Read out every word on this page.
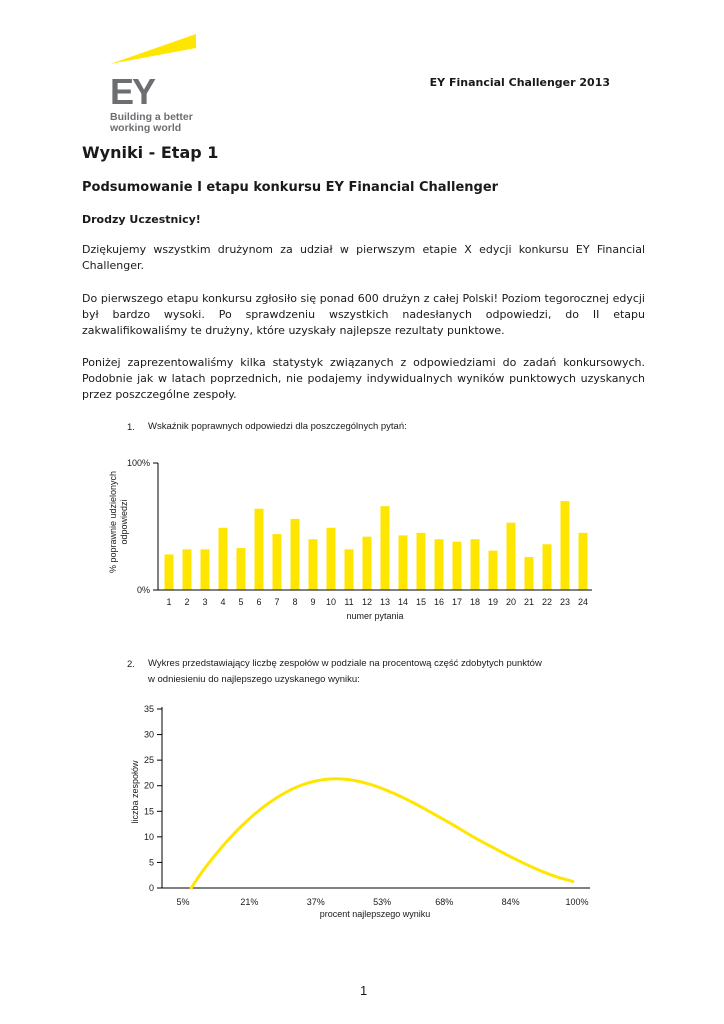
EY
Building a better working world
EY Financial Challenger 2013
Wyniki - Etap 1
Podsumowanie I etapu konkursu EY Financial Challenger
Drodzy Uczestnicy!

Dziękujemy wszystkim drużynom za udział w pierwszym etapie X edycji konkursu EY Financial Challenger.

Do pierwszego etapu konkursu zgłosiło się ponad 600 drużyn z całej Polski! Poziom tegorocznej edycji był bardzo wysoki. Po sprawdzeniu wszystkich nadesłanych odpowiedzi, do II etapu zakwalifikowaliśmy te drużyny, które uzyskały najlepsze rezultaty punktowe.

Poniżej zaprezentowaliśmy kilka statystyk związanych z odpowiedziami do zadań konkursowych. Podobnie jak w latach poprzednich, nie podajemy indywidualnych wyników punktowych uzyskanych przez poszczególne zespoły.

1. Wskaźnik poprawnych odpowiedzi dla poszczególnych pytań:
100%
0%
1 2 3 4 5 6 7 8 9 10 11 12 13 14 15 16 17 18 19 20 21 22 23 24
numer pytania
% poprawnie udzielonych odpowiedzi
0
5
10
15
20
25
30
35
5%	21%	37%	53%	68%	84%	100%
procent najlepszego wyniku
liczba zespołów
2. Wykres przedstawiający liczbę zespołów w podziale na procentową część zdobytych punktów
w odniesieniu do najlepszego uzyskanego wyniku:
1
